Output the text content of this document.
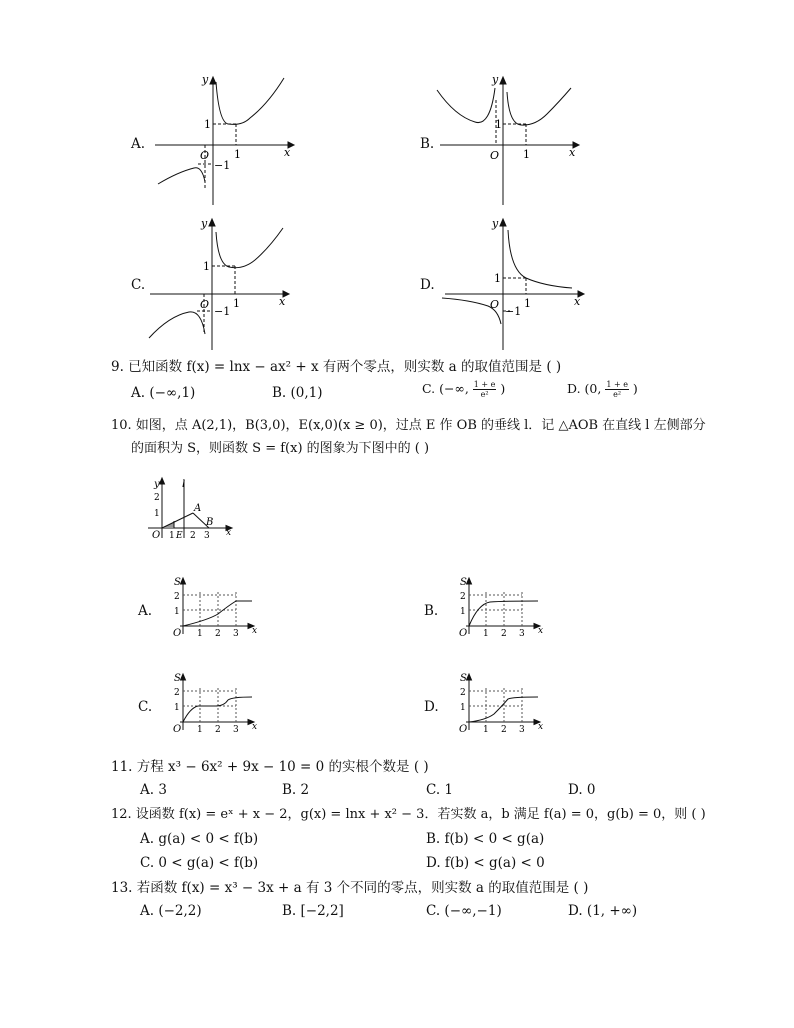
A.
y
x
O 1
1
−1
B.
y
x
O 1
1
C.
y
x
O 1
1
−1
D.
y
x
O 1
1
−1
9. 已知函数 f(x) = lnx − ax² + x 有两个零点，则实数 a 的取值范围是 ( )
A. (−∞,1)	B. (0,1)	C. (−∞, $\frac{1 + e}{\text{e²}}$ )	D. (0, $\frac{1 + e}{\text{e²}}$ )
10. 如图，点 A(2,1)，B(3,0)，E(x,0)(x ≥ 0)，过点 E 作 OB 的垂线 l．记 △AOB 在直线 l 左侧部分
的面积为 S，则函数 S = f(x) 的图象为下图中的 ( )
y l
A
B
2
1
O 1 E 2 3 x
A.
S
2
1
O 1 2 3 x
B.
S
2
1
O 1 2 3 x
C.
S
2
1
O 1 2 3 x
D.
S
2
1
O 1 2 3 x
11. 方程 x³ − 6x² + 9x − 10 = 0 的实根个数是 ( )
A. 3	B. 2	C. 1	D. 0
12. 设函数 f(x) = eˣ + x − 2，g(x) = lnx + x² − 3．若实数 a，b 满足 f(a) = 0，g(b) = 0，则 ( )
A. g(a) < 0 < f(b)	B. f(b) < 0 < g(a)
C. 0 < g(a) < f(b)	D. f(b) < g(a) < 0
13. 若函数 f(x) = x³ − 3x + a 有 3 个不同的零点，则实数 a 的取值范围是 ( )
A. (−2,2)	B. [−2,2]	C. (−∞,−1)	D. (1, +∞)
